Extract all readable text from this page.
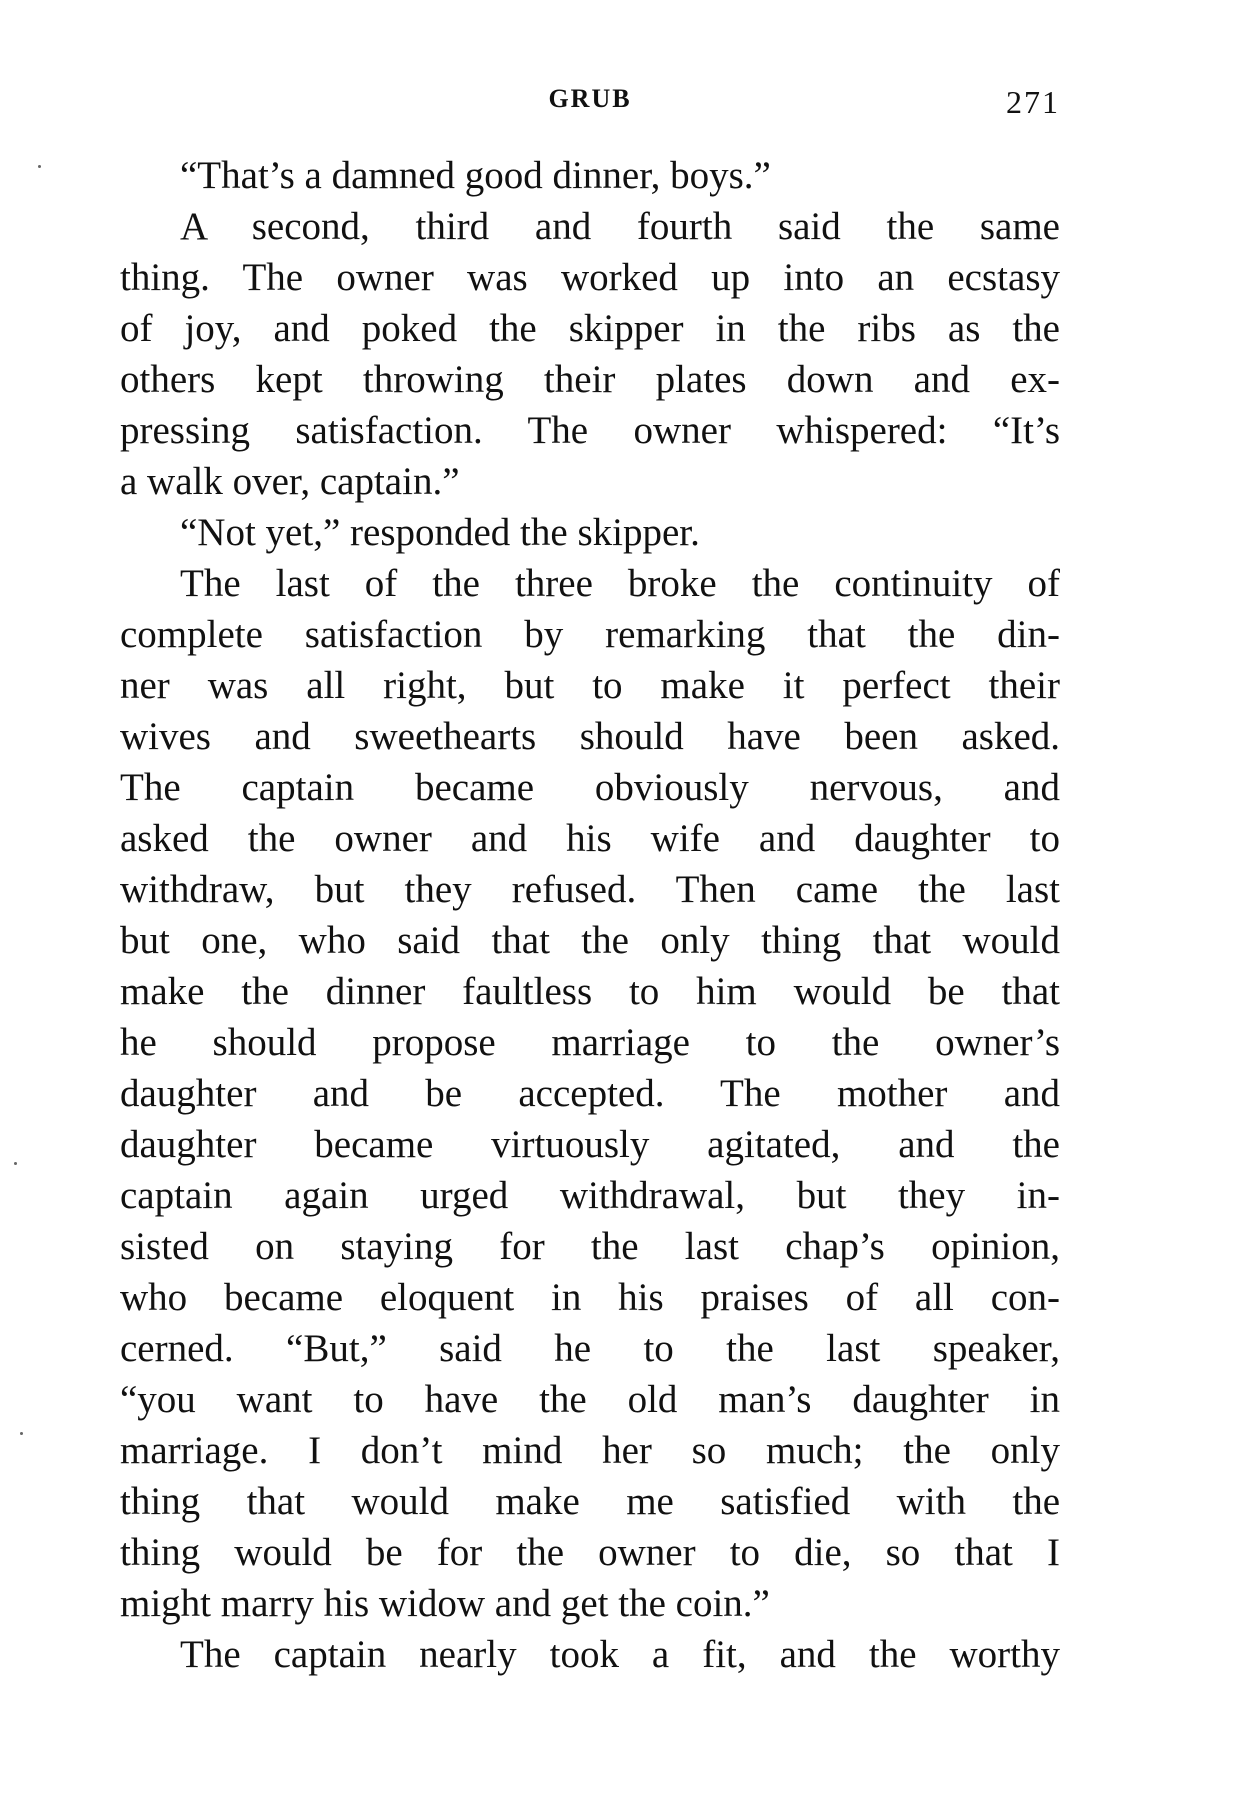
GRUB	271
“That’s a damned good dinner, boys.”
A second, third and fourth said the same
thing. The owner was worked up into an ecstasy
of joy, and poked the skipper in the ribs as the
others kept throwing their plates down and ex-
pressing satisfaction. The owner whispered: “It’s
a walk over, captain.”
“Not yet,” responded the skipper.
The last of the three broke the continuity of
complete satisfaction by remarking that the din-
ner was all right, but to make it perfect their
wives and sweethearts should have been asked.
The captain became obviously nervous, and
asked the owner and his wife and daughter to
withdraw, but they refused. Then came the last
but one, who said that the only thing that would
make the dinner faultless to him would be that
he should propose marriage to the owner’s
daughter and be accepted. The mother and
daughter became virtuously agitated, and the
captain again urged withdrawal, but they in-
sisted on staying for the last chap’s opinion,
who became eloquent in his praises of all con-
cerned. “But,” said he to the last speaker,
“you want to have the old man’s daughter in
marriage. I don’t mind her so much; the only
thing that would make me satisfied with the
thing would be for the owner to die, so that I
might marry his widow and get the coin.”
The captain nearly took a fit, and the worthy
